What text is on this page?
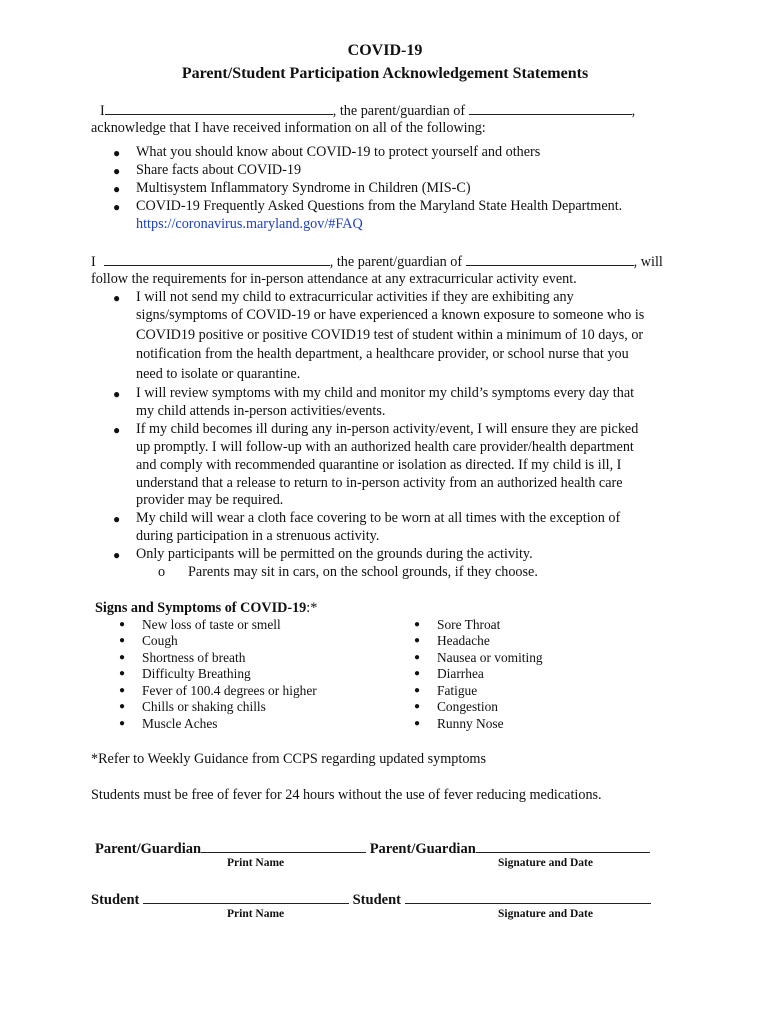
COVID-19
Parent/Student Participation Acknowledgement Statements
I	, the parent/guardian of	,
acknowledge that I have received information on all of the following:
● What you should know about COVID-19 to protect yourself and others
● Share facts about COVID-19
● Multisystem Inflammatory Syndrome in Children (MIS-C)
● COVID-19 Frequently Asked Questions from the Maryland State Health Department.
https://coronavirus.maryland.gov/#FAQ
I	, the parent/guardian of	, will
follow the requirements for in-person attendance at any extracurricular activity event.
● I will not send my child to extracurricular activities if they are exhibiting any
signs/symptoms of COVID-19 or have experienced a known exposure to someone who is
COVID19 positive or positive COVID19 test of student within a minimum of 10 days, or
notification from the health department, a healthcare provider, or school nurse that you
need to isolate or quarantine.
● I will review symptoms with my child and monitor my child’s symptoms every day that
my child attends in-person activities/events.
● If my child becomes ill during any in-person activity/event, I will ensure they are picked
up promptly. I will follow-up with an authorized health care provider/health department
and comply with recommended quarantine or isolation as directed. If my child is ill, I
understand that a release to return to in-person activity from an authorized health care
provider may be required.
● My child will wear a cloth face covering to be worn at all times with the exception of
during participation in a strenuous activity.
● Only participants will be permitted on the grounds during the activity.
o Parents may sit in cars, on the school grounds, if they choose.
Signs and Symptoms of COVID-19:*
● New loss of taste or smell
● Cough
● Shortness of breath
● Difficulty Breathing
● Fever of 100.4 degrees or higher
● Chills or shaking chills
● Muscle Aches
● Sore Throat
● Headache
● Nausea or vomiting
● Diarrhea
● Fatigue
● Congestion
● Runny Nose
*Refer to Weekly Guidance from CCPS regarding updated symptoms
Students must be free of fever for 24 hours without the use of fever reducing medications.
Parent/Guardian	Parent/Guardian
Print Name	Signature and Date
Student	Student
Print Name	Signature and Date
